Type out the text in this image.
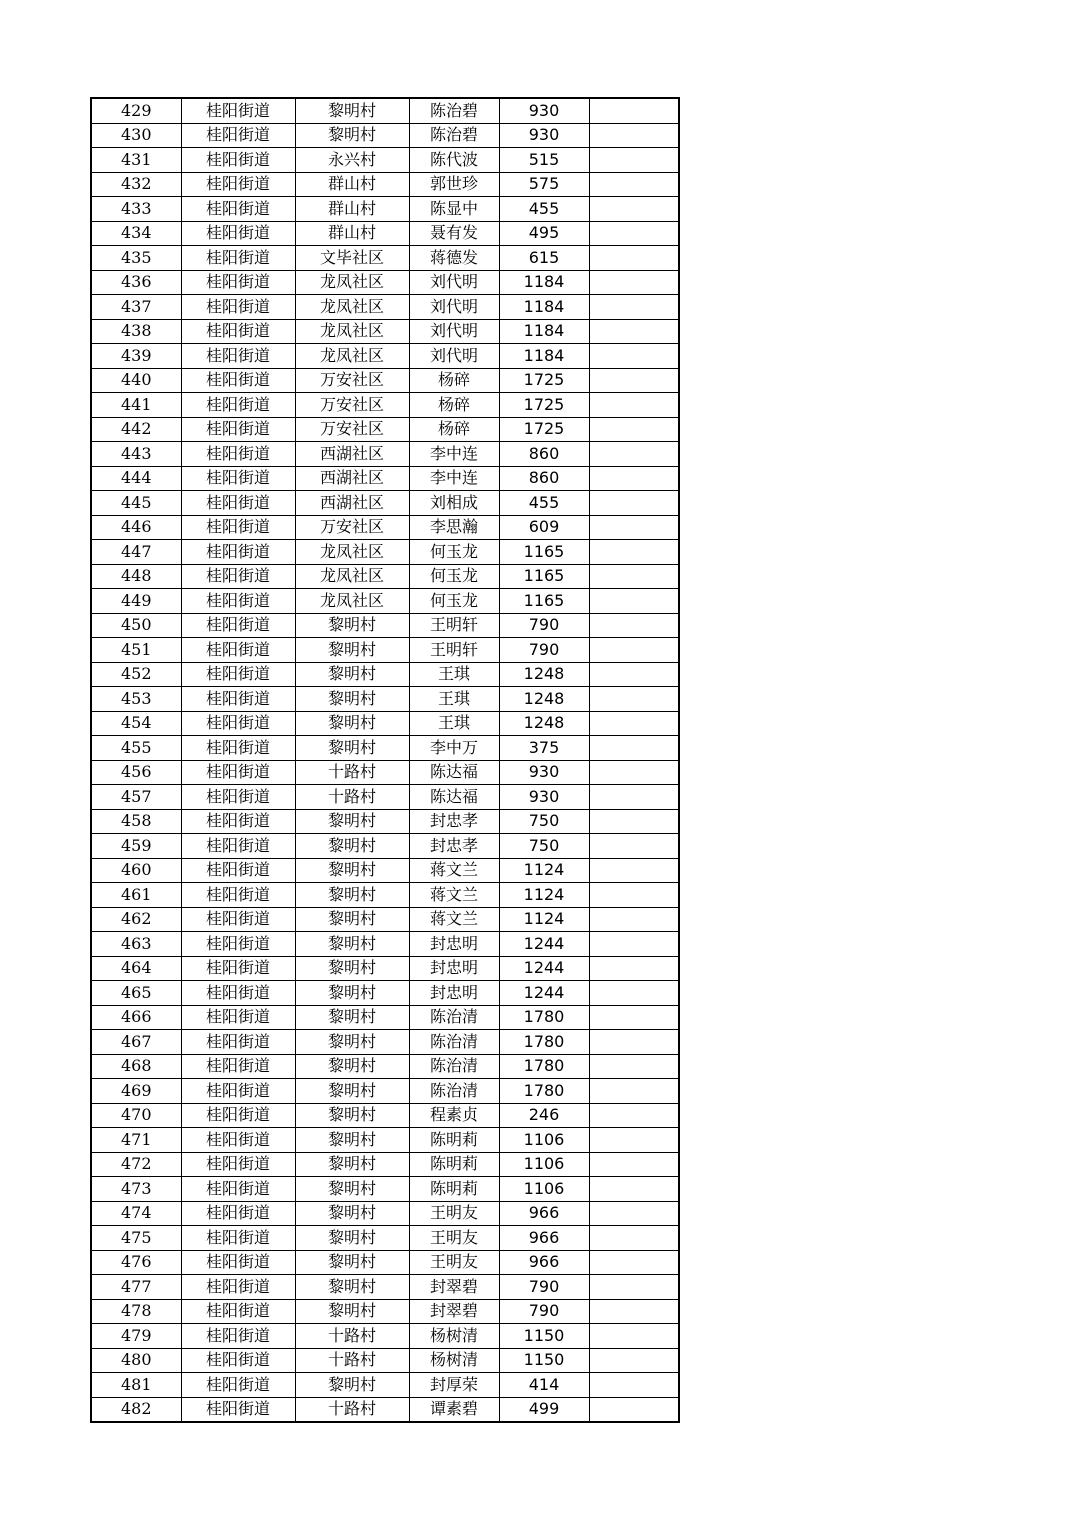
429	桂阳街道	黎明村	陈治碧	930	
430	桂阳街道	黎明村	陈治碧	930	
431	桂阳街道	永兴村	陈代波	515	
432	桂阳街道	群山村	郭世珍	575	
433	桂阳街道	群山村	陈显中	455	
434	桂阳街道	群山村	聂有发	495	
435	桂阳街道	文毕社区	蒋德发	615	
436	桂阳街道	龙凤社区	刘代明	1184	
437	桂阳街道	龙凤社区	刘代明	1184	
438	桂阳街道	龙凤社区	刘代明	1184	
439	桂阳街道	龙凤社区	刘代明	1184	
440	桂阳街道	万安社区	杨碎	1725	
441	桂阳街道	万安社区	杨碎	1725	
442	桂阳街道	万安社区	杨碎	1725	
443	桂阳街道	西湖社区	李中连	860	
444	桂阳街道	西湖社区	李中连	860	
445	桂阳街道	西湖社区	刘相成	455	
446	桂阳街道	万安社区	李思瀚	609	
447	桂阳街道	龙凤社区	何玉龙	1165	
448	桂阳街道	龙凤社区	何玉龙	1165	
449	桂阳街道	龙凤社区	何玉龙	1165	
450	桂阳街道	黎明村	王明轩	790	
451	桂阳街道	黎明村	王明轩	790	
452	桂阳街道	黎明村	王琪	1248	
453	桂阳街道	黎明村	王琪	1248	
454	桂阳街道	黎明村	王琪	1248	
455	桂阳街道	黎明村	李中万	375	
456	桂阳街道	十路村	陈达福	930	
457	桂阳街道	十路村	陈达福	930	
458	桂阳街道	黎明村	封忠孝	750	
459	桂阳街道	黎明村	封忠孝	750	
460	桂阳街道	黎明村	蒋文兰	1124	
461	桂阳街道	黎明村	蒋文兰	1124	
462	桂阳街道	黎明村	蒋文兰	1124	
463	桂阳街道	黎明村	封忠明	1244	
464	桂阳街道	黎明村	封忠明	1244	
465	桂阳街道	黎明村	封忠明	1244	
466	桂阳街道	黎明村	陈治清	1780	
467	桂阳街道	黎明村	陈治清	1780	
468	桂阳街道	黎明村	陈治清	1780	
469	桂阳街道	黎明村	陈治清	1780	
470	桂阳街道	黎明村	程素贞	246	
471	桂阳街道	黎明村	陈明莉	1106	
472	桂阳街道	黎明村	陈明莉	1106	
473	桂阳街道	黎明村	陈明莉	1106	
474	桂阳街道	黎明村	王明友	966	
475	桂阳街道	黎明村	王明友	966	
476	桂阳街道	黎明村	王明友	966	
477	桂阳街道	黎明村	封翠碧	790	
478	桂阳街道	黎明村	封翠碧	790	
479	桂阳街道	十路村	杨树清	1150	
480	桂阳街道	十路村	杨树清	1150	
481	桂阳街道	黎明村	封厚荣	414	
482	桂阳街道	十路村	谭素碧	499	
